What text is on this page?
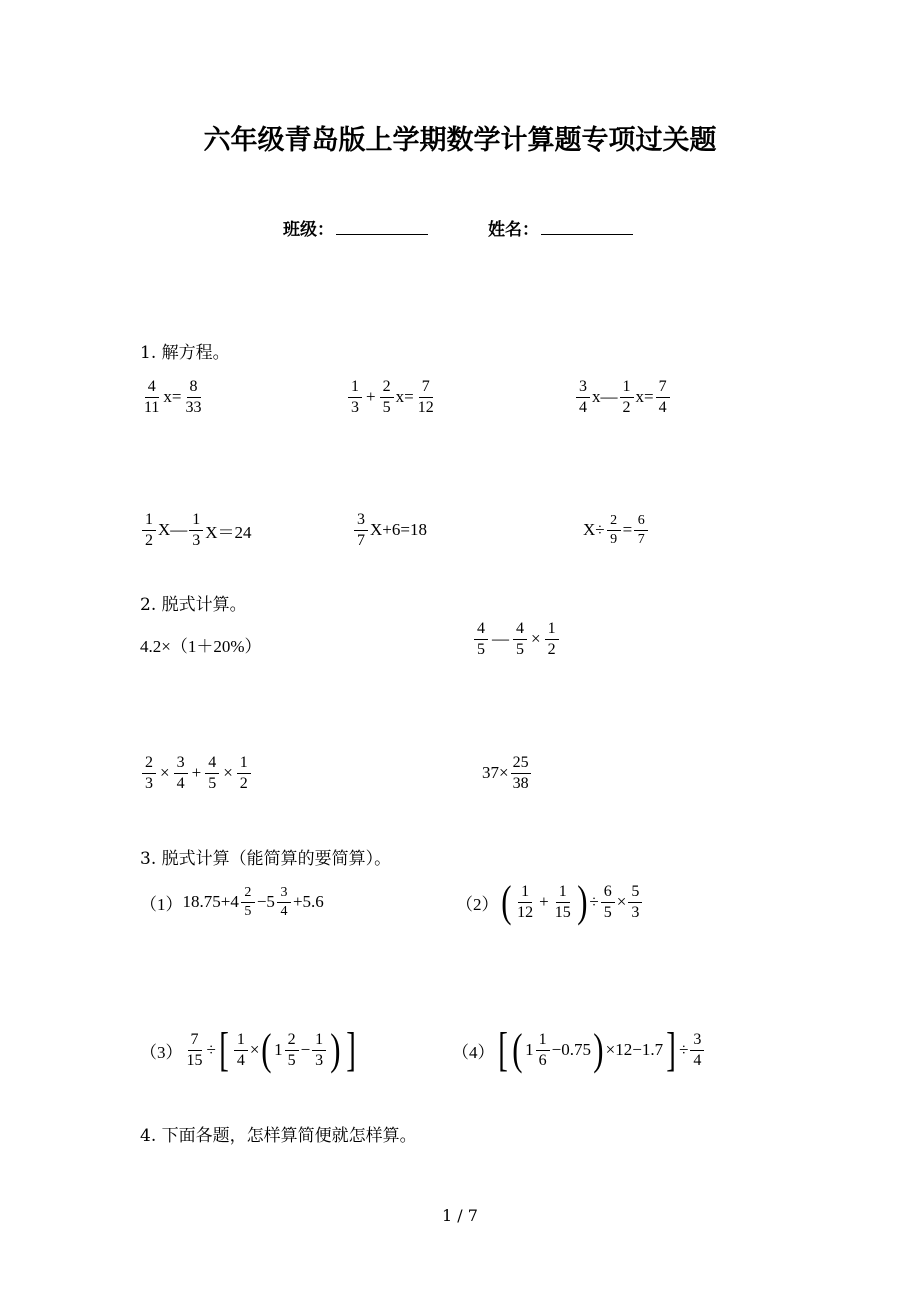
六年级青岛版上学期数学计算题专项过关题
班级：	姓名：
1. 解方程。
$\frac{4}{11} x= \frac{8}{33}$	$\frac{1}{3} + \frac{2}{5} x= \frac{7}{12}$	$\frac{3}{4}$ x— $\frac{1}{2} x= \frac{7}{4}$
$\frac{1}{2}$ X— $\frac{1}{3} X=24$	$\frac{3}{7} X+6=18$	$X\div \frac{2}{9} = \frac{6}{7}$
2. 脱式计算。
4.2×（1＋20%）	$\frac{4}{5}$ — $\frac{4}{5} \times \frac{1}{2}$
$\frac{2}{3} \times \frac{3}{4} + \frac{4}{5} \times \frac{1}{2}$	$37\times \frac{25}{38}$
3. 脱式计算（能简算的要简算）。
（1） $18.75+4 \frac{2}{5} -5 \frac{3}{4} +5.6$	（2） ( $\frac{1}{12} + \frac{1}{15}$ ) ÷ $\frac{6}{5} \times \frac{5}{3}$
$(3) \frac{7}{15}$ ÷ [ $\frac{1}{4}$ × ( $1 \frac{2}{5} - \frac{1}{3}$ ) ]	（4） [ ( $1 \frac{1}{6} -0.75$ ) ×12−1.7 ] ÷ $\frac{3}{4}$
4. 下面各题，怎样算简便就怎样算。
1 / 7
